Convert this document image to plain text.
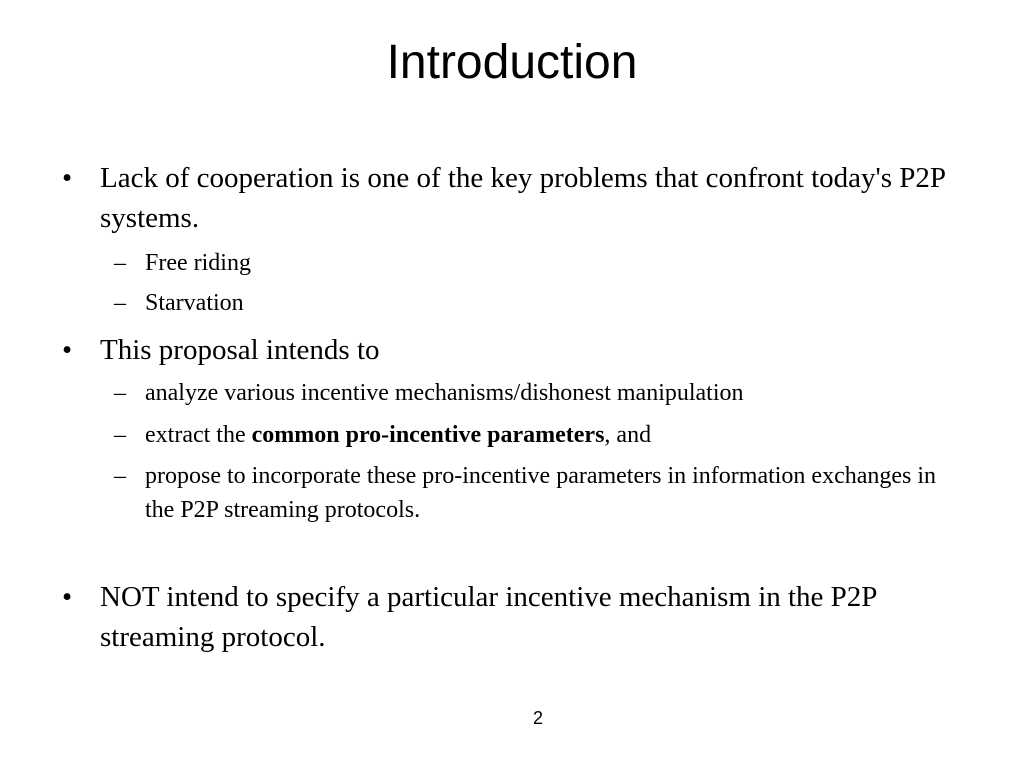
Introduction
• Lack of cooperation is one of the key problems that confront today's P2P systems.
– Free riding
– Starvation
• This proposal intends to
– analyze various incentive mechanisms/dishonest manipulation
– extract the common pro-incentive parameters, and
– propose to incorporate these pro-incentive parameters in information exchanges in the P2P streaming protocols.
• NOT intend to specify a particular incentive mechanism in the P2P streaming protocol.
2
